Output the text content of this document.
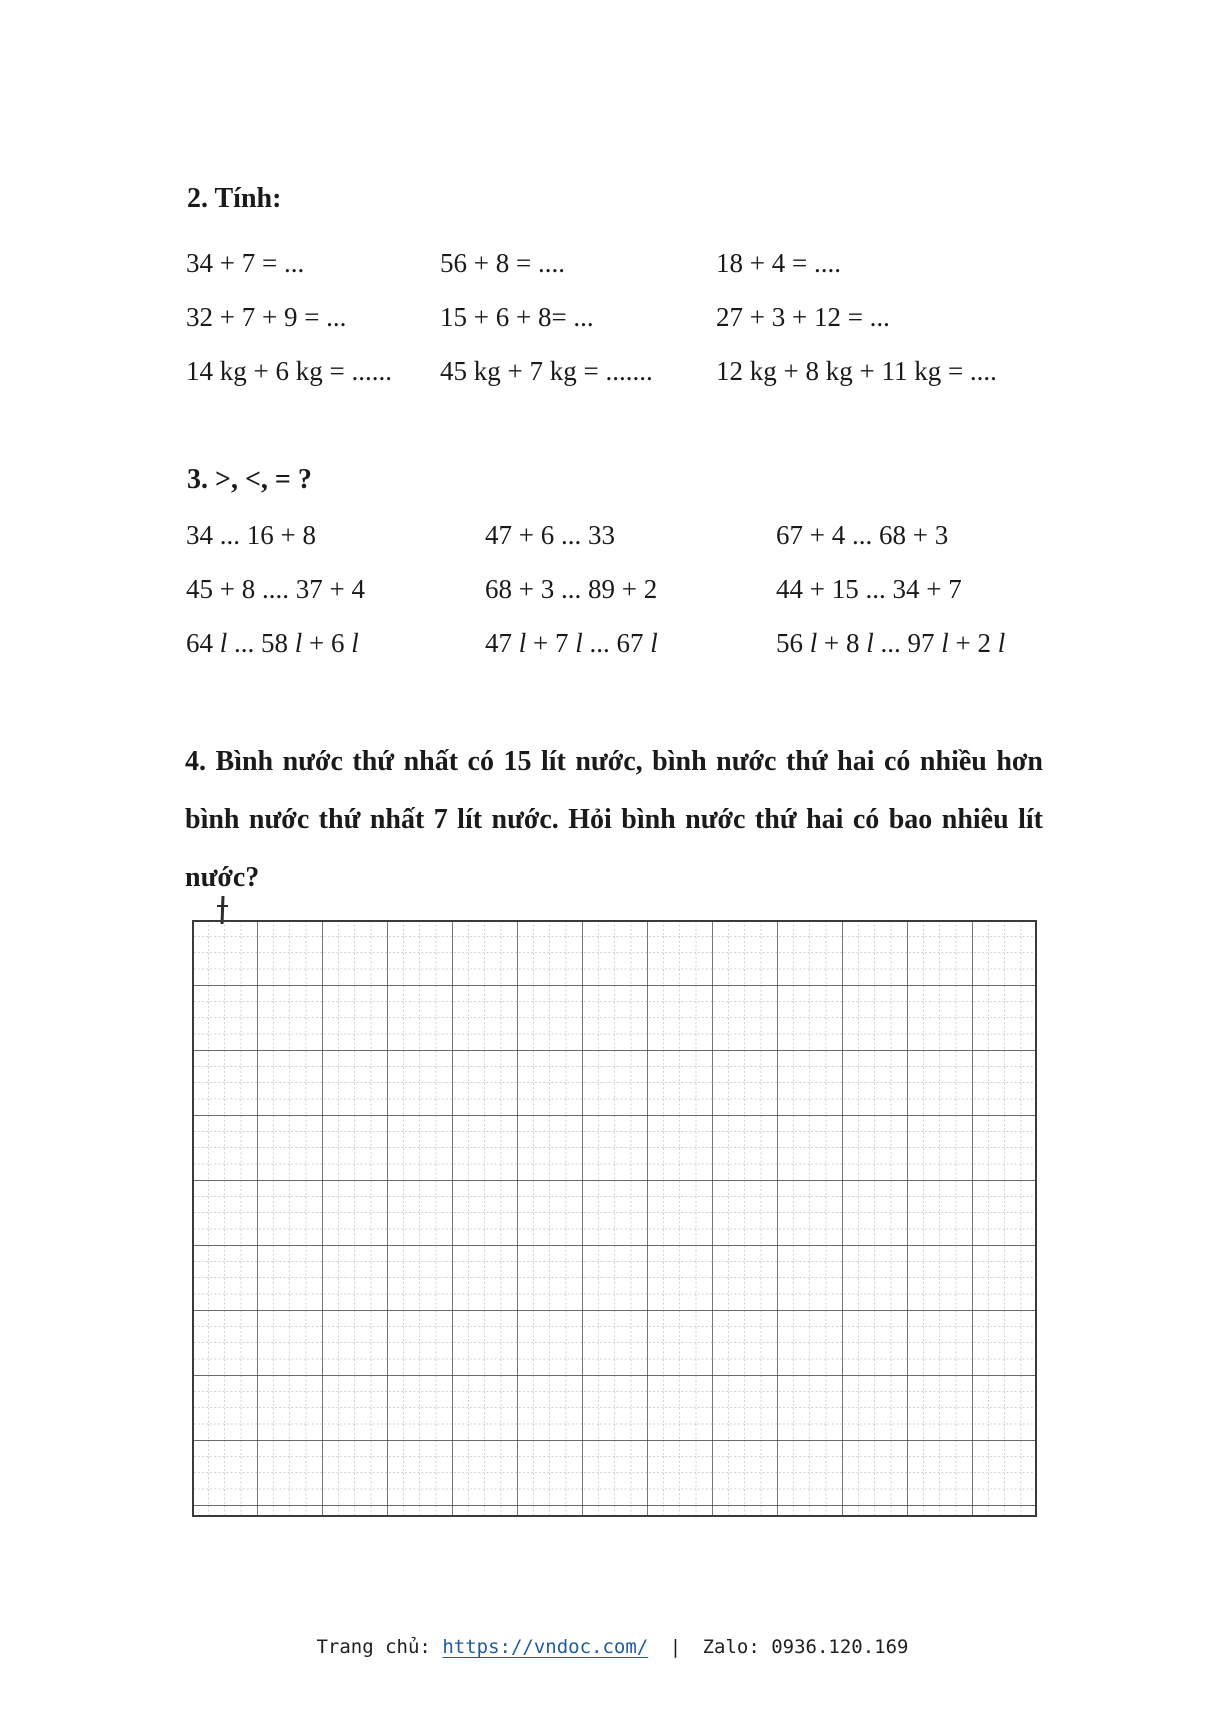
2. Tính:
34 + 7 = ...	56 + 8 = ....	18 + 4 = ....
32 + 7 + 9 = ...	15 + 6 + 8= ...	27 + 3 + 12 = ...
14 kg + 6 kg = ...... 45 kg + 7 kg = ....... 12 kg + 8 kg + 11 kg = ....
3. >, <, = ?
34 ... 16 + 8	47 + 6 ... 33	67 + 4 ... 68 + 3
45 + 8 .... 37 + 4	68 + 3 ... 89 + 2	44 + 15 ... 34 + 7
64 l ... 58 l + 6 l	47 l + 7 l ... 67 l	56 l + 8 l ... 97 l + 2 l
4. Bình nước thứ nhất có 15 lít nước, bình nước thứ hai có nhiều hơn bình nước thứ nhất 7 lít nước. Hỏi bình nước thứ hai có bao nhiêu lít nước?
Trang chủ: https://vndoc.com/ | Zalo: 0936.120.169
